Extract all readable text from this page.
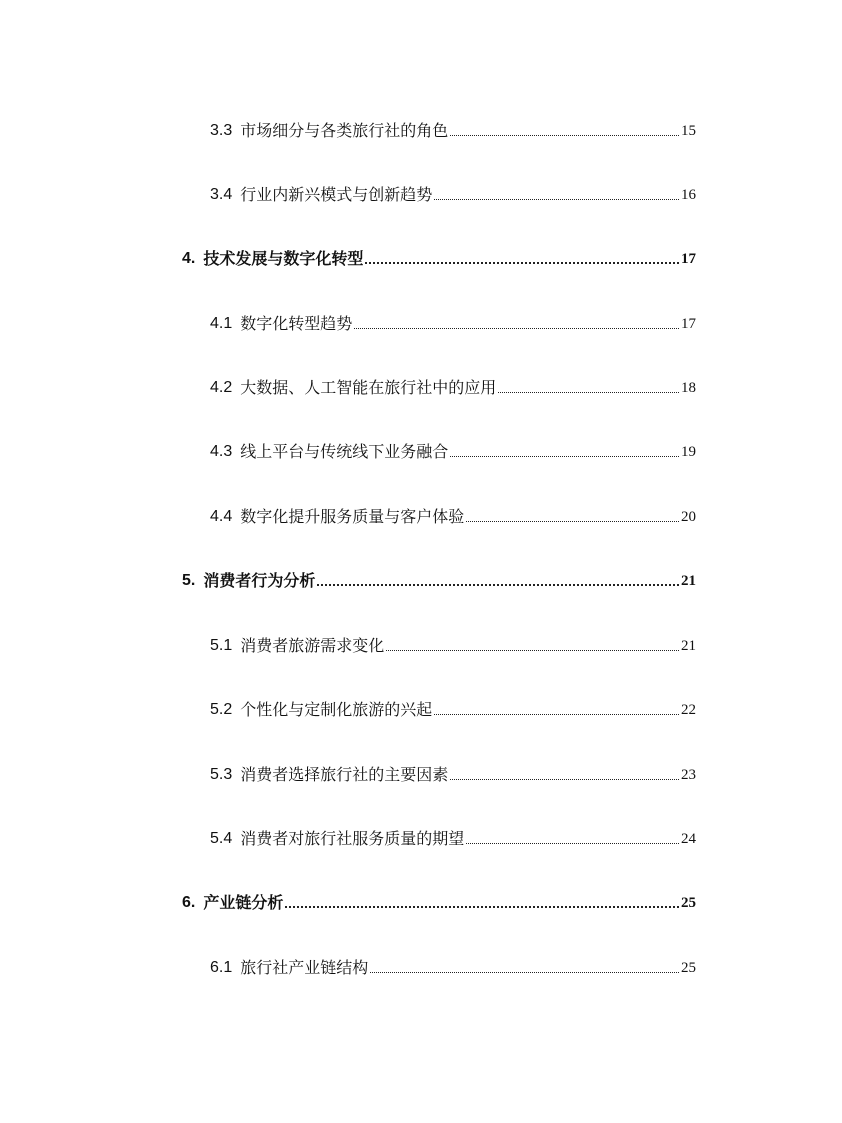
3.3 市场细分与各类旅行社的角色	15
3.4 行业内新兴模式与创新趋势	16
4. 技术发展与数字化转型	17
4.1 数字化转型趋势	17
4.2 大数据、人工智能在旅行社中的应用	18
4.3 线上平台与传统线下业务融合	19
4.4 数字化提升服务质量与客户体验	20
5. 消费者行为分析	21
5.1 消费者旅游需求变化	21
5.2 个性化与定制化旅游的兴起	22
5.3 消费者选择旅行社的主要因素	23
5.4 消费者对旅行社服务质量的期望	24
6. 产业链分析	25
6.1 旅行社产业链结构	25
